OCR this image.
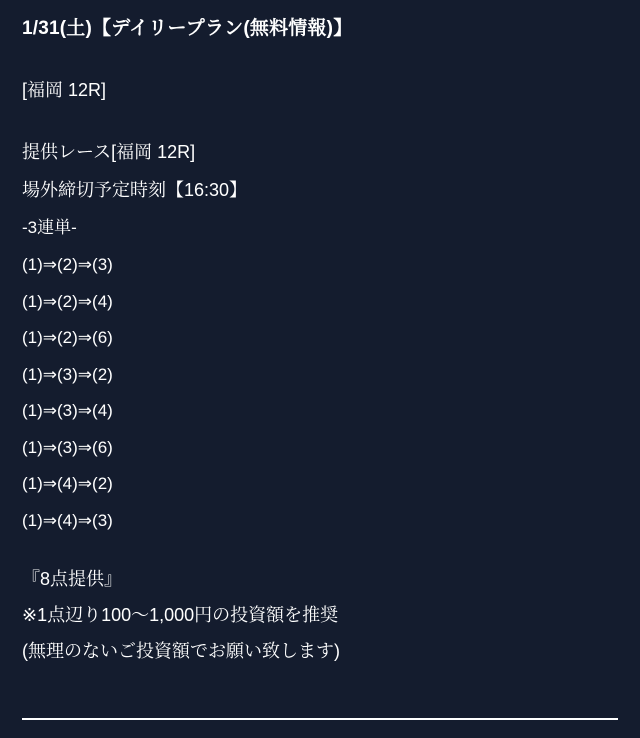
1/31(土)【デイリープラン(無料情報)】
[福岡 12R]
提供レース[福岡 12R]
場外締切予定時刻【16:30】
-3連単-
(1)⇒(2)⇒(3)
(1)⇒(2)⇒(4)
(1)⇒(2)⇒(6)
(1)⇒(3)⇒(2)
(1)⇒(3)⇒(4)
(1)⇒(3)⇒(6)
(1)⇒(4)⇒(2)
(1)⇒(4)⇒(3)
『8点提供』
※1点辺り100〜1,000円の投資額を推奨
(無理のないご投資額でお願い致します)
